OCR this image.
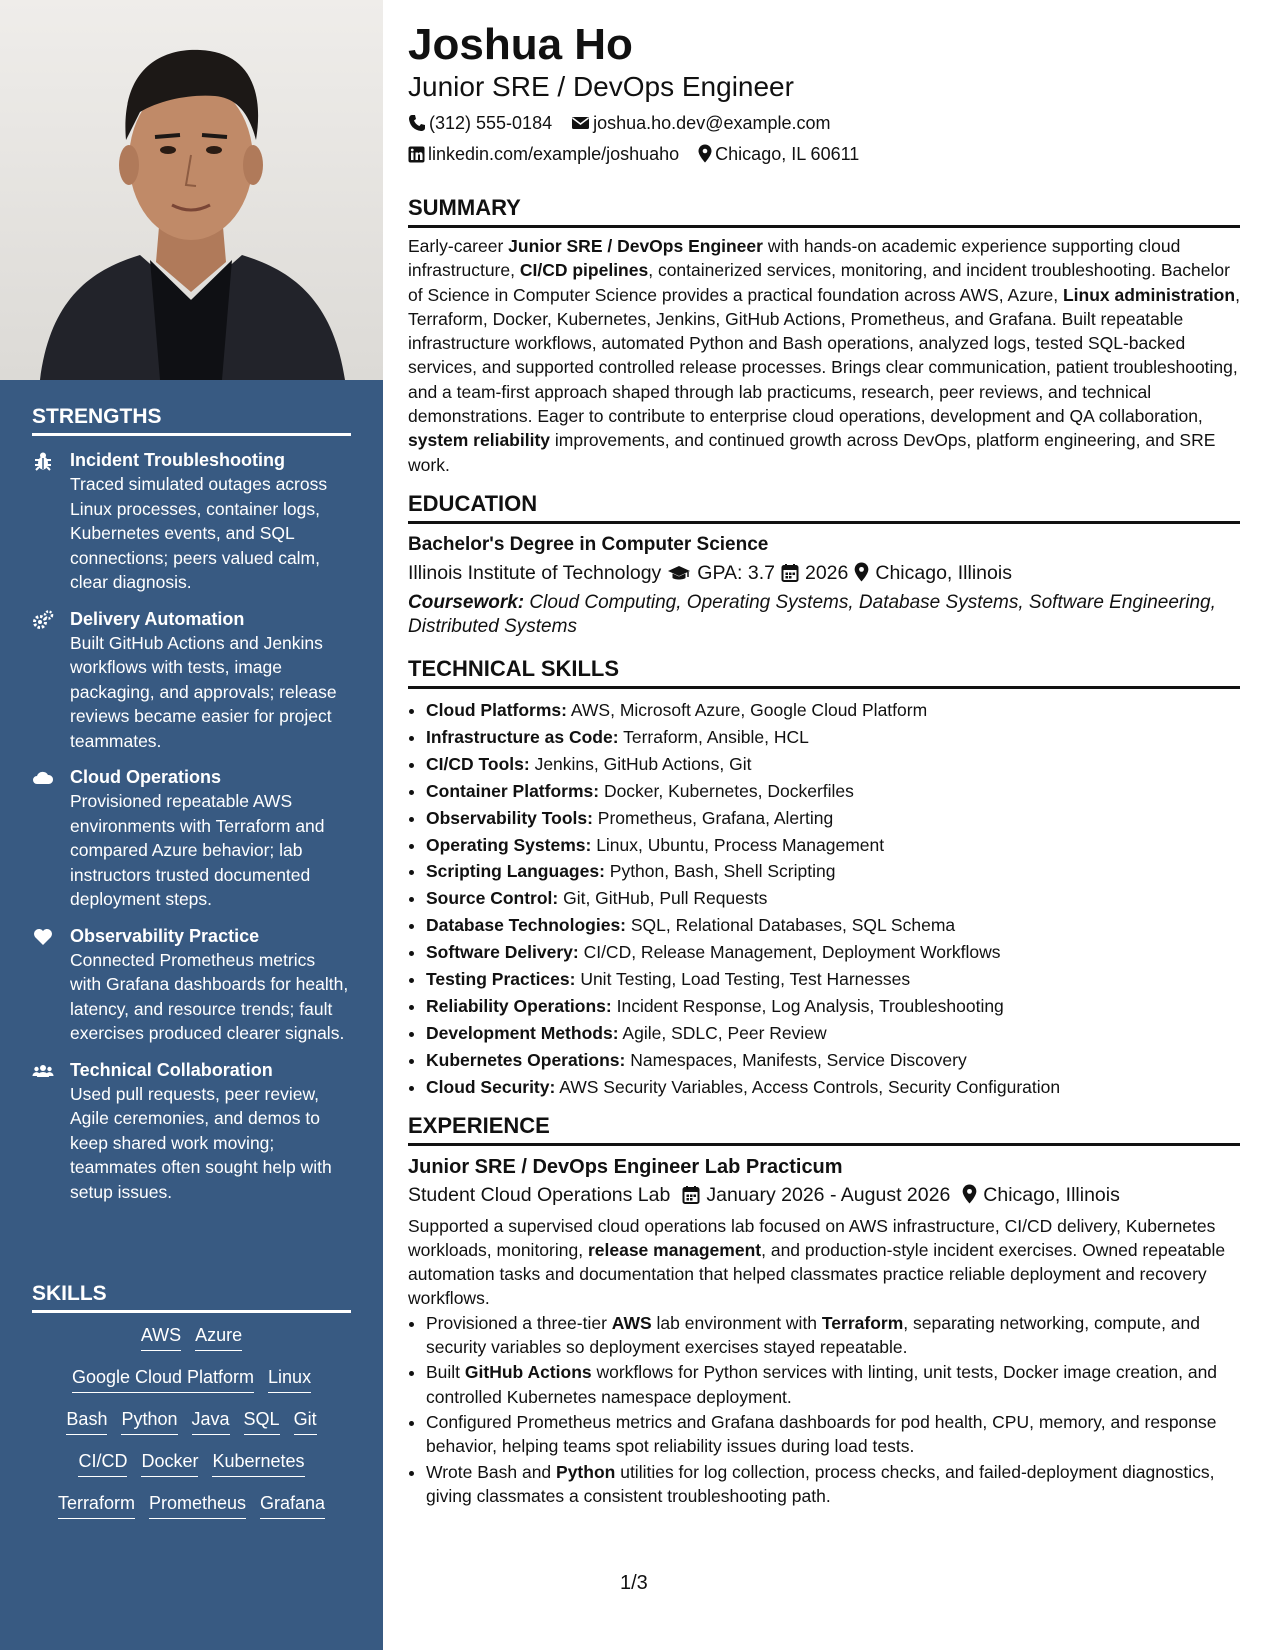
STRENGTHS
Incident Troubleshooting
Traced simulated outages across Linux processes, container logs, Kubernetes events, and SQL connections; peers valued calm, clear diagnosis.
Delivery Automation
Built GitHub Actions and Jenkins workflows with tests, image packaging, and approvals; release reviews became easier for project teammates.
Cloud Operations
Provisioned repeatable AWS environments with Terraform and compared Azure behavior; lab instructors trusted documented deployment steps.
Observability Practice
Connected Prometheus metrics with Grafana dashboards for health, latency, and resource trends; fault exercises produced clearer signals.
Technical Collaboration
Used pull requests, peer review, Agile ceremonies, and demos to keep shared work moving; teammates often sought help with setup issues.
SKILLS
AWS Azure
Google Cloud Platform Linux
Bash Python Java SQL Git
CI/CD Docker Kubernetes
Terraform Prometheus Grafana
Joshua Ho
Junior SRE / DevOps Engineer
(312) 555-0184 joshua.ho.dev@example.com
linkedin.com/example/joshuaho Chicago, IL 60611
SUMMARY
Early-career Junior SRE / DevOps Engineer with hands-on academic experience supporting cloud infrastructure, CI/CD pipelines, containerized services, monitoring, and incident troubleshooting. Bachelor of Science in Computer Science provides a practical foundation across AWS, Azure, Linux administration, Terraform, Docker, Kubernetes, Jenkins, GitHub Actions, Prometheus, and Grafana. Built repeatable infrastructure workflows, automated Python and Bash operations, analyzed logs, tested SQL-backed services, and supported controlled release processes. Brings clear communication, patient troubleshooting, and a team-first approach shaped through lab practicums, research, peer reviews, and technical demonstrations. Eager to contribute to enterprise cloud operations, development and QA collaboration, system reliability improvements, and continued growth across DevOps, platform engineering, and SRE work.
EDUCATION
Bachelor's Degree in Computer Science
Illinois Institute of Technology GPA: 3.7 2026 Chicago, Illinois
Coursework: Cloud Computing, Operating Systems, Database Systems, Software Engineering, Distributed Systems
TECHNICAL SKILLS
• Cloud Platforms: AWS, Microsoft Azure, Google Cloud Platform
• Infrastructure as Code: Terraform, Ansible, HCL
• CI/CD Tools: Jenkins, GitHub Actions, Git
• Container Platforms: Docker, Kubernetes, Dockerfiles
• Observability Tools: Prometheus, Grafana, Alerting
• Operating Systems: Linux, Ubuntu, Process Management
• Scripting Languages: Python, Bash, Shell Scripting
• Source Control: Git, GitHub, Pull Requests
• Database Technologies: SQL, Relational Databases, SQL Schema
• Software Delivery: CI/CD, Release Management, Deployment Workflows
• Testing Practices: Unit Testing, Load Testing, Test Harnesses
• Reliability Operations: Incident Response, Log Analysis, Troubleshooting
• Development Methods: Agile, SDLC, Peer Review
• Kubernetes Operations: Namespaces, Manifests, Service Discovery
• Cloud Security: AWS Security Variables, Access Controls, Security Configuration
EXPERIENCE
Junior SRE / DevOps Engineer Lab Practicum
Student Cloud Operations Lab January 2026 - August 2026 Chicago, Illinois
Supported a supervised cloud operations lab focused on AWS infrastructure, CI/CD delivery, Kubernetes workloads, monitoring, release management, and production-style incident exercises. Owned repeatable automation tasks and documentation that helped classmates practice reliable deployment and recovery workflows.
• Provisioned a three-tier AWS lab environment with Terraform, separating networking, compute, and security variables so deployment exercises stayed repeatable.
• Built GitHub Actions workflows for Python services with linting, unit tests, Docker image creation, and controlled Kubernetes namespace deployment.
• Configured Prometheus metrics and Grafana dashboards for pod health, CPU, memory, and response behavior, helping teams spot reliability issues during load tests.
• Wrote Bash and Python utilities for log collection, process checks, and failed-deployment diagnostics, giving classmates a consistent troubleshooting path.
1/3
